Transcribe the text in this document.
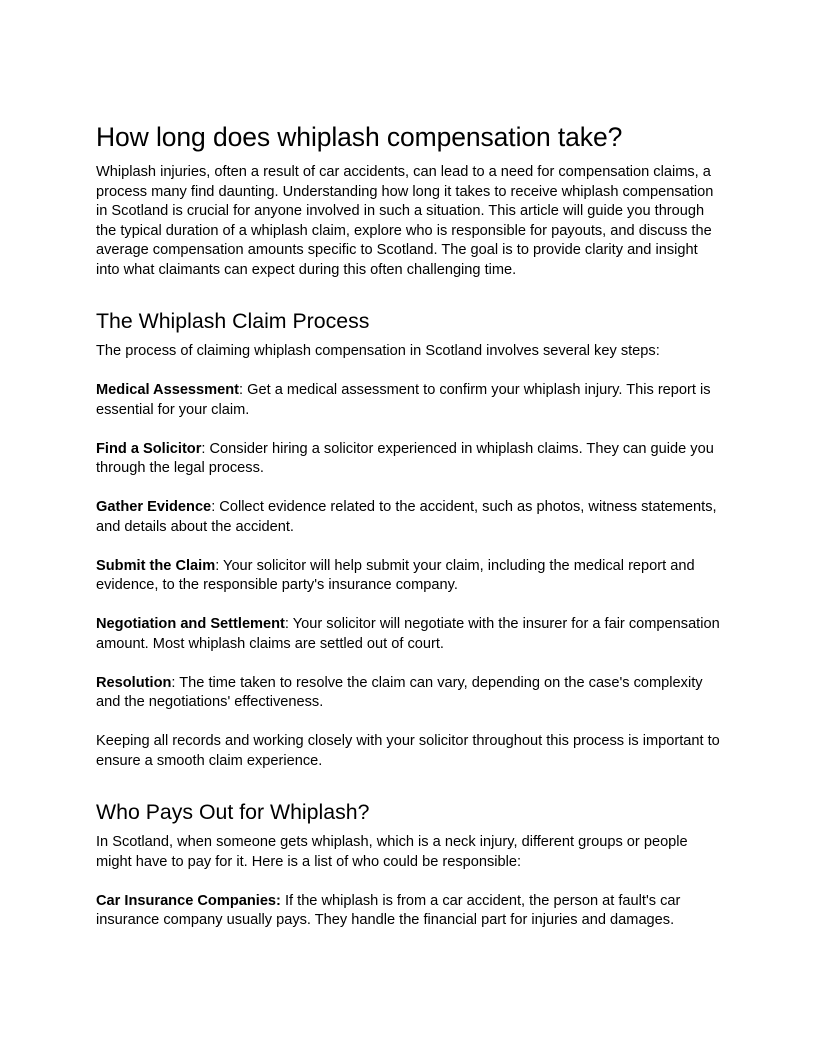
How long does whiplash compensation take?

Whiplash injuries, often a result of car accidents, can lead to a need for compensation claims, a process many find daunting. Understanding how long it takes to receive whiplash compensation in Scotland is crucial for anyone involved in such a situation. This article will guide you through the typical duration of a whiplash claim, explore who is responsible for payouts, and discuss the average compensation amounts specific to Scotland. The goal is to provide clarity and insight into what claimants can expect during this often challenging time.

The Whiplash Claim Process

The process of claiming whiplash compensation in Scotland involves several key steps:

Medical Assessment: Get a medical assessment to confirm your whiplash injury. This report is essential for your claim.

Find a Solicitor: Consider hiring a solicitor experienced in whiplash claims. They can guide you through the legal process.

Gather Evidence: Collect evidence related to the accident, such as photos, witness statements, and details about the accident.

Submit the Claim: Your solicitor will help submit your claim, including the medical report and evidence, to the responsible party's insurance company.

Negotiation and Settlement: Your solicitor will negotiate with the insurer for a fair compensation amount. Most whiplash claims are settled out of court.

Resolution: The time taken to resolve the claim can vary, depending on the case's complexity and the negotiations' effectiveness.

Keeping all records and working closely with your solicitor throughout this process is important to ensure a smooth claim experience.

Who Pays Out for Whiplash?

In Scotland, when someone gets whiplash, which is a neck injury, different groups or people might have to pay for it. Here is a list of who could be responsible:

Car Insurance Companies: If the whiplash is from a car accident, the person at fault's car insurance company usually pays. They handle the financial part for injuries and damages.
